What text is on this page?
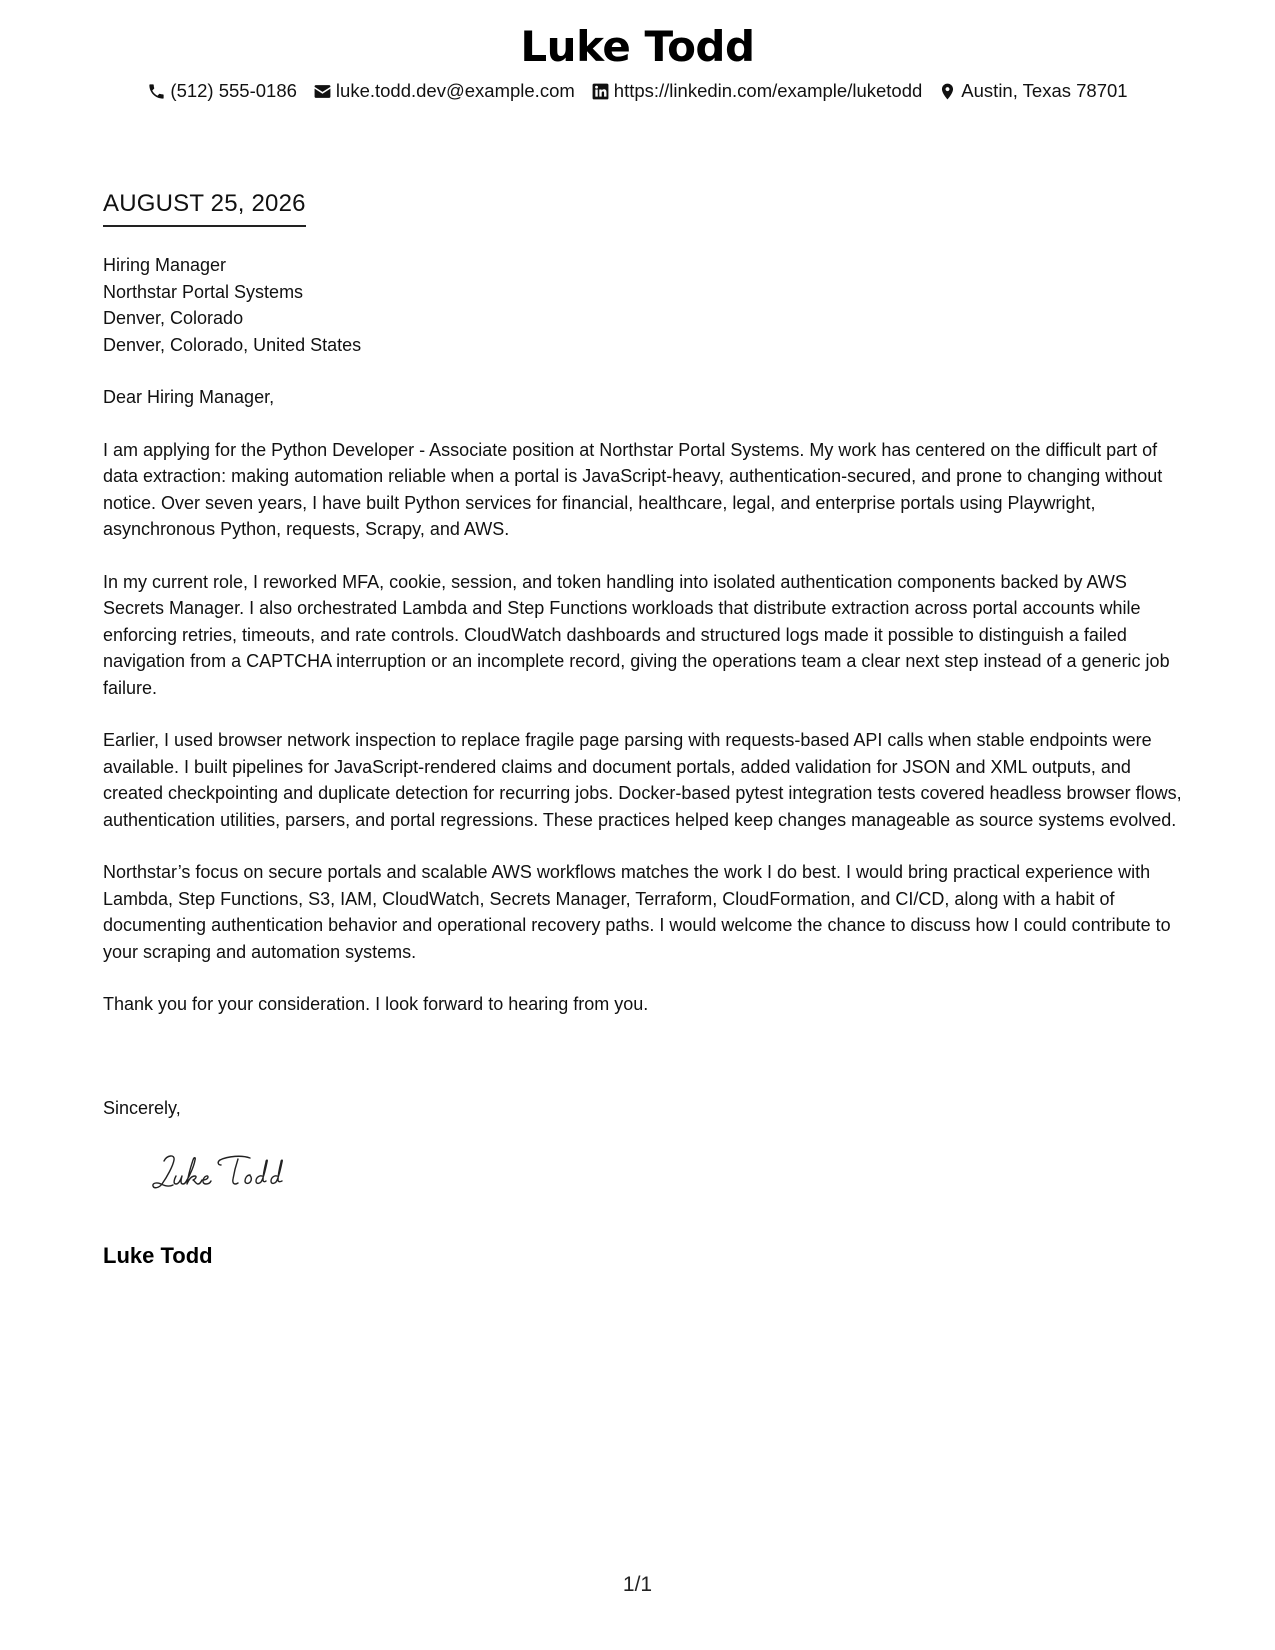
Luke Todd
(512) 555-0186 luke.todd.dev@example.com https://linkedin.com/example/luketodd Austin, Texas 78701
AUGUST 25, 2026
Hiring Manager
Northstar Portal Systems
Denver, Colorado
Denver, Colorado, United States

Dear Hiring Manager,

I am applying for the Python Developer - Associate position at Northstar Portal Systems. My work has centered on the difficult part of data extraction: making automation reliable when a portal is JavaScript-heavy, authentication-secured, and prone to changing without notice. Over seven years, I have built Python services for financial, healthcare, legal, and enterprise portals using Playwright, asynchronous Python, requests, Scrapy, and AWS.

In my current role, I reworked MFA, cookie, session, and token handling into isolated authentication components backed by AWS Secrets Manager. I also orchestrated Lambda and Step Functions workloads that distribute extraction across portal accounts while enforcing retries, timeouts, and rate controls. CloudWatch dashboards and structured logs made it possible to distinguish a failed navigation from a CAPTCHA interruption or an incomplete record, giving the operations team a clear next step instead of a generic job failure.

Earlier, I used browser network inspection to replace fragile page parsing with requests-based API calls when stable endpoints were available. I built pipelines for JavaScript-rendered claims and document portals, added validation for JSON and XML outputs, and created checkpointing and duplicate detection for recurring jobs. Docker-based pytest integration tests covered headless browser flows, authentication utilities, parsers, and portal regressions. These practices helped keep changes manageable as source systems evolved.

Northstar’s focus on secure portals and scalable AWS workflows matches the work I do best. I would bring practical experience with Lambda, Step Functions, S3, IAM, CloudWatch, Secrets Manager, Terraform, CloudFormation, and CI/CD, along with a habit of documenting authentication behavior and operational recovery paths. I would welcome the chance to discuss how I could contribute to your scraping and automation systems.

Thank you for your consideration. I look forward to hearing from you.

Sincerely,
Luke Todd
1/1
